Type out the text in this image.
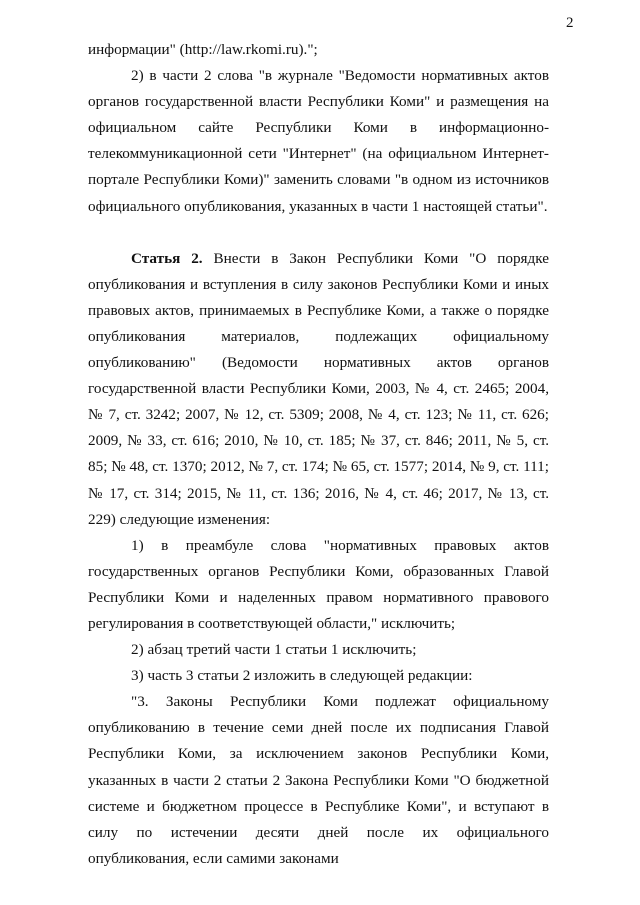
2

информации" (http://law.rkomi.ru).";

2) в части 2 слова "в журнале "Ведомости нормативных актов органов государственной власти Республики Коми" и размещения на официальном сайте Республики Коми в информационно-телекоммуникационной сети "Интернет" (на официальном Интернет-портале Республики Коми)" заменить словами "в одном из источников официального опубликования, указанных в части 1 настоящей статьи".

Статья 2. Внести в Закон Республики Коми "О порядке опубликования и вступления в силу законов Республики Коми и иных правовых актов, принимаемых в Республике Коми, а также о порядке опубликования материалов, подлежащих официальному опубликованию" (Ведомости нормативных актов органов государственной власти Республики Коми, 2003, № 4, ст. 2465; 2004, № 7, ст. 3242; 2007, № 12, ст. 5309; 2008, № 4, ст. 123; № 11, ст. 626; 2009, № 33, ст. 616; 2010, № 10, ст. 185; № 37, ст. 846; 2011, № 5, ст. 85; № 48, ст. 1370; 2012, № 7, ст. 174; № 65, ст. 1577; 2014, № 9, ст. 111; № 17, ст. 314; 2015, № 11, ст. 136; 2016, № 4, ст. 46; 2017, № 13, ст. 229) следующие изменения:

1) в преамбуле слова "нормативных правовых актов государственных органов Республики Коми, образованных Главой Республики Коми и наделенных правом нормативного правового регулирования в соответствующей области," исключить;

2) абзац третий части 1 статьи 1 исключить;

3) часть 3 статьи 2 изложить в следующей редакции:

"3. Законы Республики Коми подлежат официальному опубликованию в течение семи дней после их подписания Главой Республики Коми, за исключением законов Республики Коми, указанных в части 2 статьи 2 Закона Республики Коми "О бюджетной системе и бюджетном процессе в Республике Коми", и вступают в силу по истечении десяти дней после их официального опубликования, если самими законами
